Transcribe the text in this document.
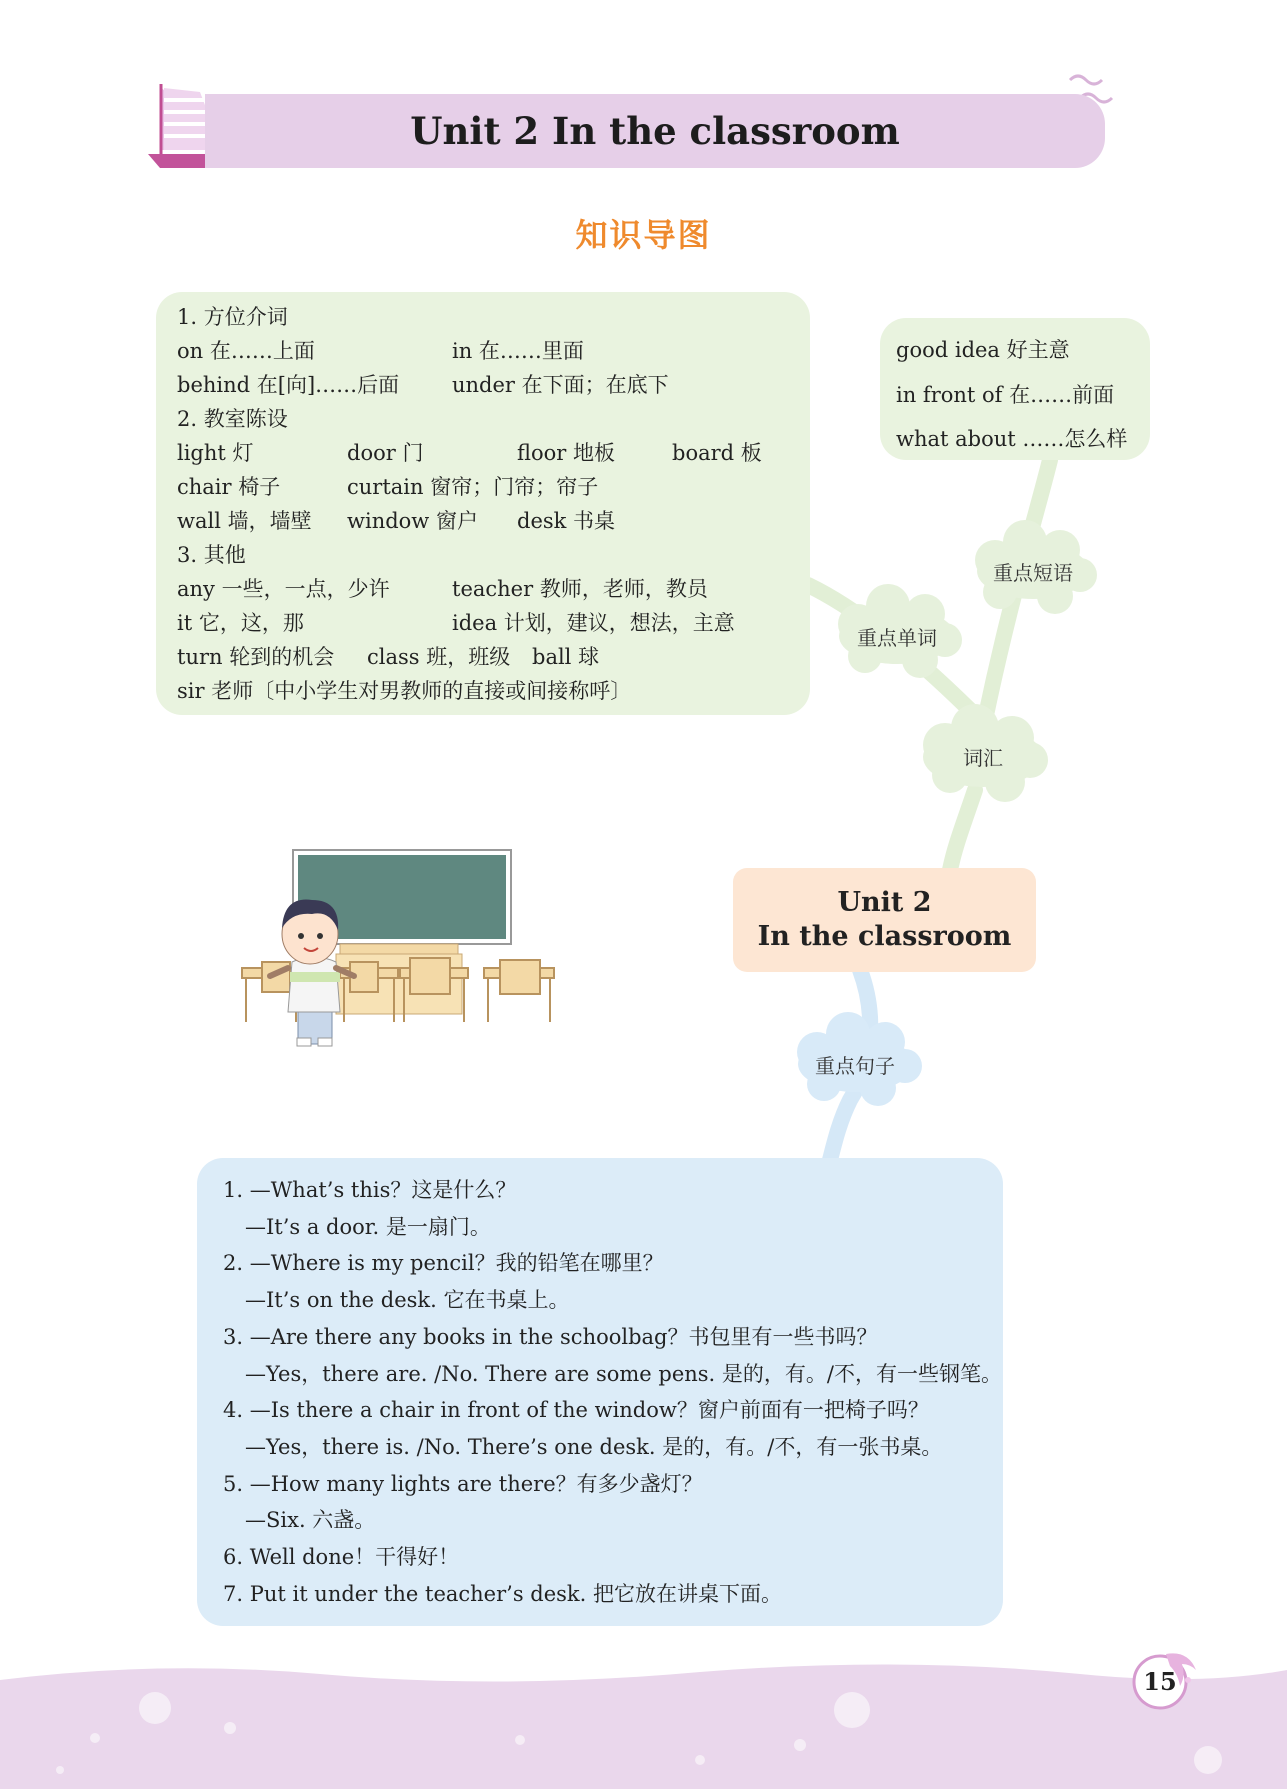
Unit 2 In the classroom
知识导图
1. 方位介词
on 在……上面	in 在……里面
behind 在[向]……后面	under 在下面；在底下
2. 教室陈设
light 灯	door 门	floor 地板	board 板
chair 椅子	curtain 窗帘；门帘；帘子
wall 墙，墙壁 window 窗户 desk 书桌
3. 其他
any 一些，一点，少许	teacher 教师，老师，教员
it 它，这，那	idea 计划，建议，想法，主意
turn 轮到的机会 class 班，班级 ball 球
sir 老师〔中小学生对男教师的直接或间接称呼〕
good idea 好主意
in front of 在……前面
what about ……怎么样
词汇
重点单词
重点短语
重点句子
Unit 2
In the classroom
1. —What’s this？这是什么？
—It’s a door. 是一扇门。
2. —Where is my pencil？我的铅笔在哪里？
—It’s on the desk. 它在书桌上。
3. —Are there any books in the schoolbag？书包里有一些书吗？
—Yes，there are. /No. There are some pens. 是的，有。/不，有一些钢笔。
4. —Is there a chair in front of the window？窗户前面有一把椅子吗？
—Yes，there is. /No. There’s one desk. 是的，有。/不，有一张书桌。
5. —How many lights are there？有多少盏灯？
—Six. 六盏。
6. Well done！干得好！
7. Put it under the teacher’s desk. 把它放在讲桌下面。
15
